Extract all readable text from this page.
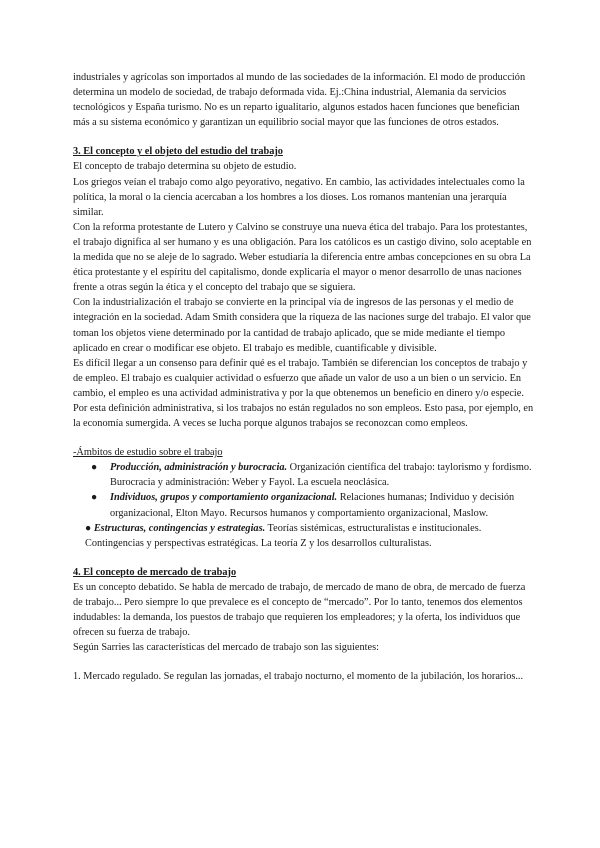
industriales y agrícolas son importados al mundo de las sociedades de la información. El modo de producción determina un modelo de sociedad, de trabajo deformada vida. Ej.:China industrial, Alemania da servicios tecnológicos y España turismo. No es un reparto igualitario, algunos estados hacen funciones que benefician más a su sistema económico y garantizan un equilibrio social mayor que las funciones de otros estados.

3. El concepto y el objeto del estudio del trabajo

El concepto de trabajo determina su objeto de estudio.

Los griegos veían el trabajo como algo peyorativo, negativo. En cambio, las actividades intelectuales como la política, la moral o la ciencia acercaban a los hombres a los dioses. Los romanos mantenían una jerarquía similar.

Con la reforma protestante de Lutero y Calvino se construye una nueva ética del trabajo. Para los protestantes, el trabajo dignifica al ser humano y es una obligación. Para los católicos es un castigo divino, solo aceptable en la medida que no se aleje de lo sagrado. Weber estudiaría la diferencia entre ambas concepciones en su obra La ética protestante y el espíritu del capitalismo, donde explicaría el mayor o menor desarrollo de unas naciones frente a otras según la ética y el concepto del trabajo que se siguiera.

Con la industrialización el trabajo se convierte en la principal vía de ingresos de las personas y el medio de integración en la sociedad. Adam Smith considera que la riqueza de las naciones surge del trabajo. El valor que toman los objetos viene determinado por la cantidad de trabajo aplicado, que se mide mediante el tiempo aplicado en crear o modificar ese objeto. El trabajo es medible, cuantificable y divisible.

Es difícil llegar a un consenso para definir qué es el trabajo. También se diferencian los conceptos de trabajo y de empleo. El trabajo es cualquier actividad o esfuerzo que añade un valor de uso a un bien o un servicio. En cambio, el empleo es una actividad administrativa y por la que obtenemos un beneficio en dinero y/o especie.

Por esta definición administrativa, si los trabajos no están regulados no son empleos. Esto pasa, por ejemplo, en la economía sumergida. A veces se lucha porque algunos trabajos se reconozcan como empleos.

-Ámbitos de estudio sobre el trabajo

● Producción, administración y burocracia. Organización científica del trabajo: taylorismo y fordismo. Burocracia y administración: Weber y Fayol. La escuela neoclásica.
● Individuos, grupos y comportamiento organizacional. Relaciones humanas; Individuo y decisión organizacional, Elton Mayo. Recursos humanos y comportamiento organizacional, Maslow.

● Estructuras, contingencias y estrategias. Teorías sistémicas, estructuralistas e institucionales. Contingencias y perspectivas estratégicas. La teoría Z y los desarrollos culturalistas.

4. El concepto de mercado de trabajo

Es un concepto debatido. Se habla de mercado de trabajo, de mercado de mano de obra, de mercado de fuerza de trabajo... Pero siempre lo que prevalece es el concepto de “mercado”. Por lo tanto, tenemos dos elementos indudables: la demanda, los puestos de trabajo que requieren los empleadores; y la oferta, los individuos que ofrecen su fuerza de trabajo.

Según Sarries las características del mercado de trabajo son las siguientes:

1. Mercado regulado. Se regulan las jornadas, el trabajo nocturno, el momento de la jubilación, los horarios...
